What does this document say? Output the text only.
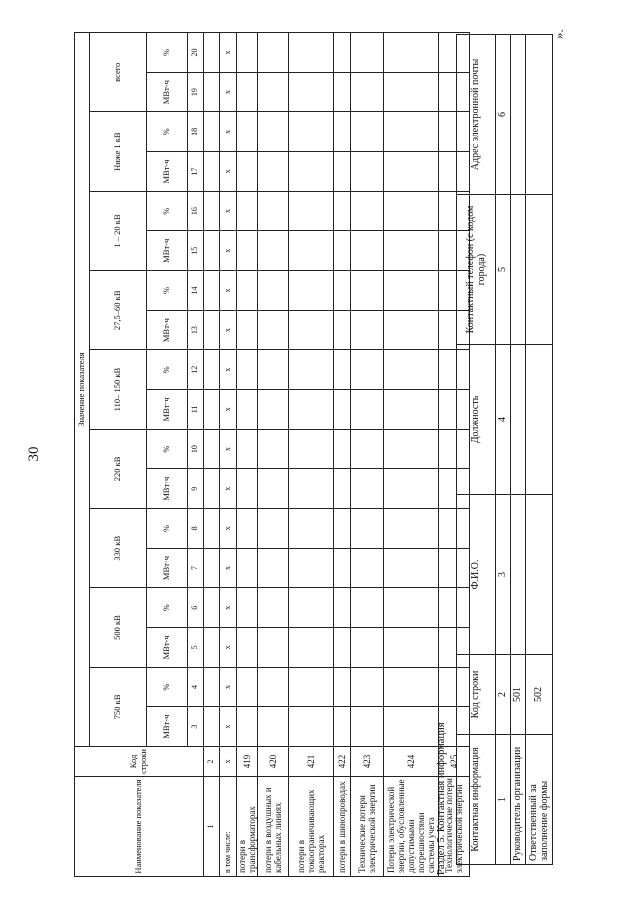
30
Наименование показателя	Код строки	Значение показателя																	
		750 кВ		500 кВ		330 кВ		220 кВ		110– 150 кВ		27,5–60 кВ		1 – 20 кВ		Ниже 1 кВ		всего	
		МВт-ч	%	МВт-ч	%	МВт·ч	%	МВт·ч	%	МВт·ч	%	МВт-ч	%	МВт-ч	%	МВт-ч	%	МВт-ч	%
		3	4	5	6	7	8	9	10	11	12	13	14	15	16	17	18	19	20
1	2																		
в том числе:	х	х	х	х	х	х	х	х	х	х	х	х	х	х	х	х	х	х	х
потери в трансформаторах	419																		
потери в воздушных и кабельных линиях	420																		
потери в токоограничивающих реакторах	421																		
потери в шинопроводах	422																		
Технические потери электрической энергии	423																		
Потери электрической энергии, обусловленные допустимыми погрешностями системы учета	424																		
Технологические потери электрической энергии	425																		
Раздел 5. Контактная информация Контактная информация	Код строки	Ф.И.О.	Должность	Контактный телефон (с кодом города)	Адрес электронной почты
1	2	3	4	5	6
Руководитель организации	501				
Ответственный за заполнение формы	502				
».
